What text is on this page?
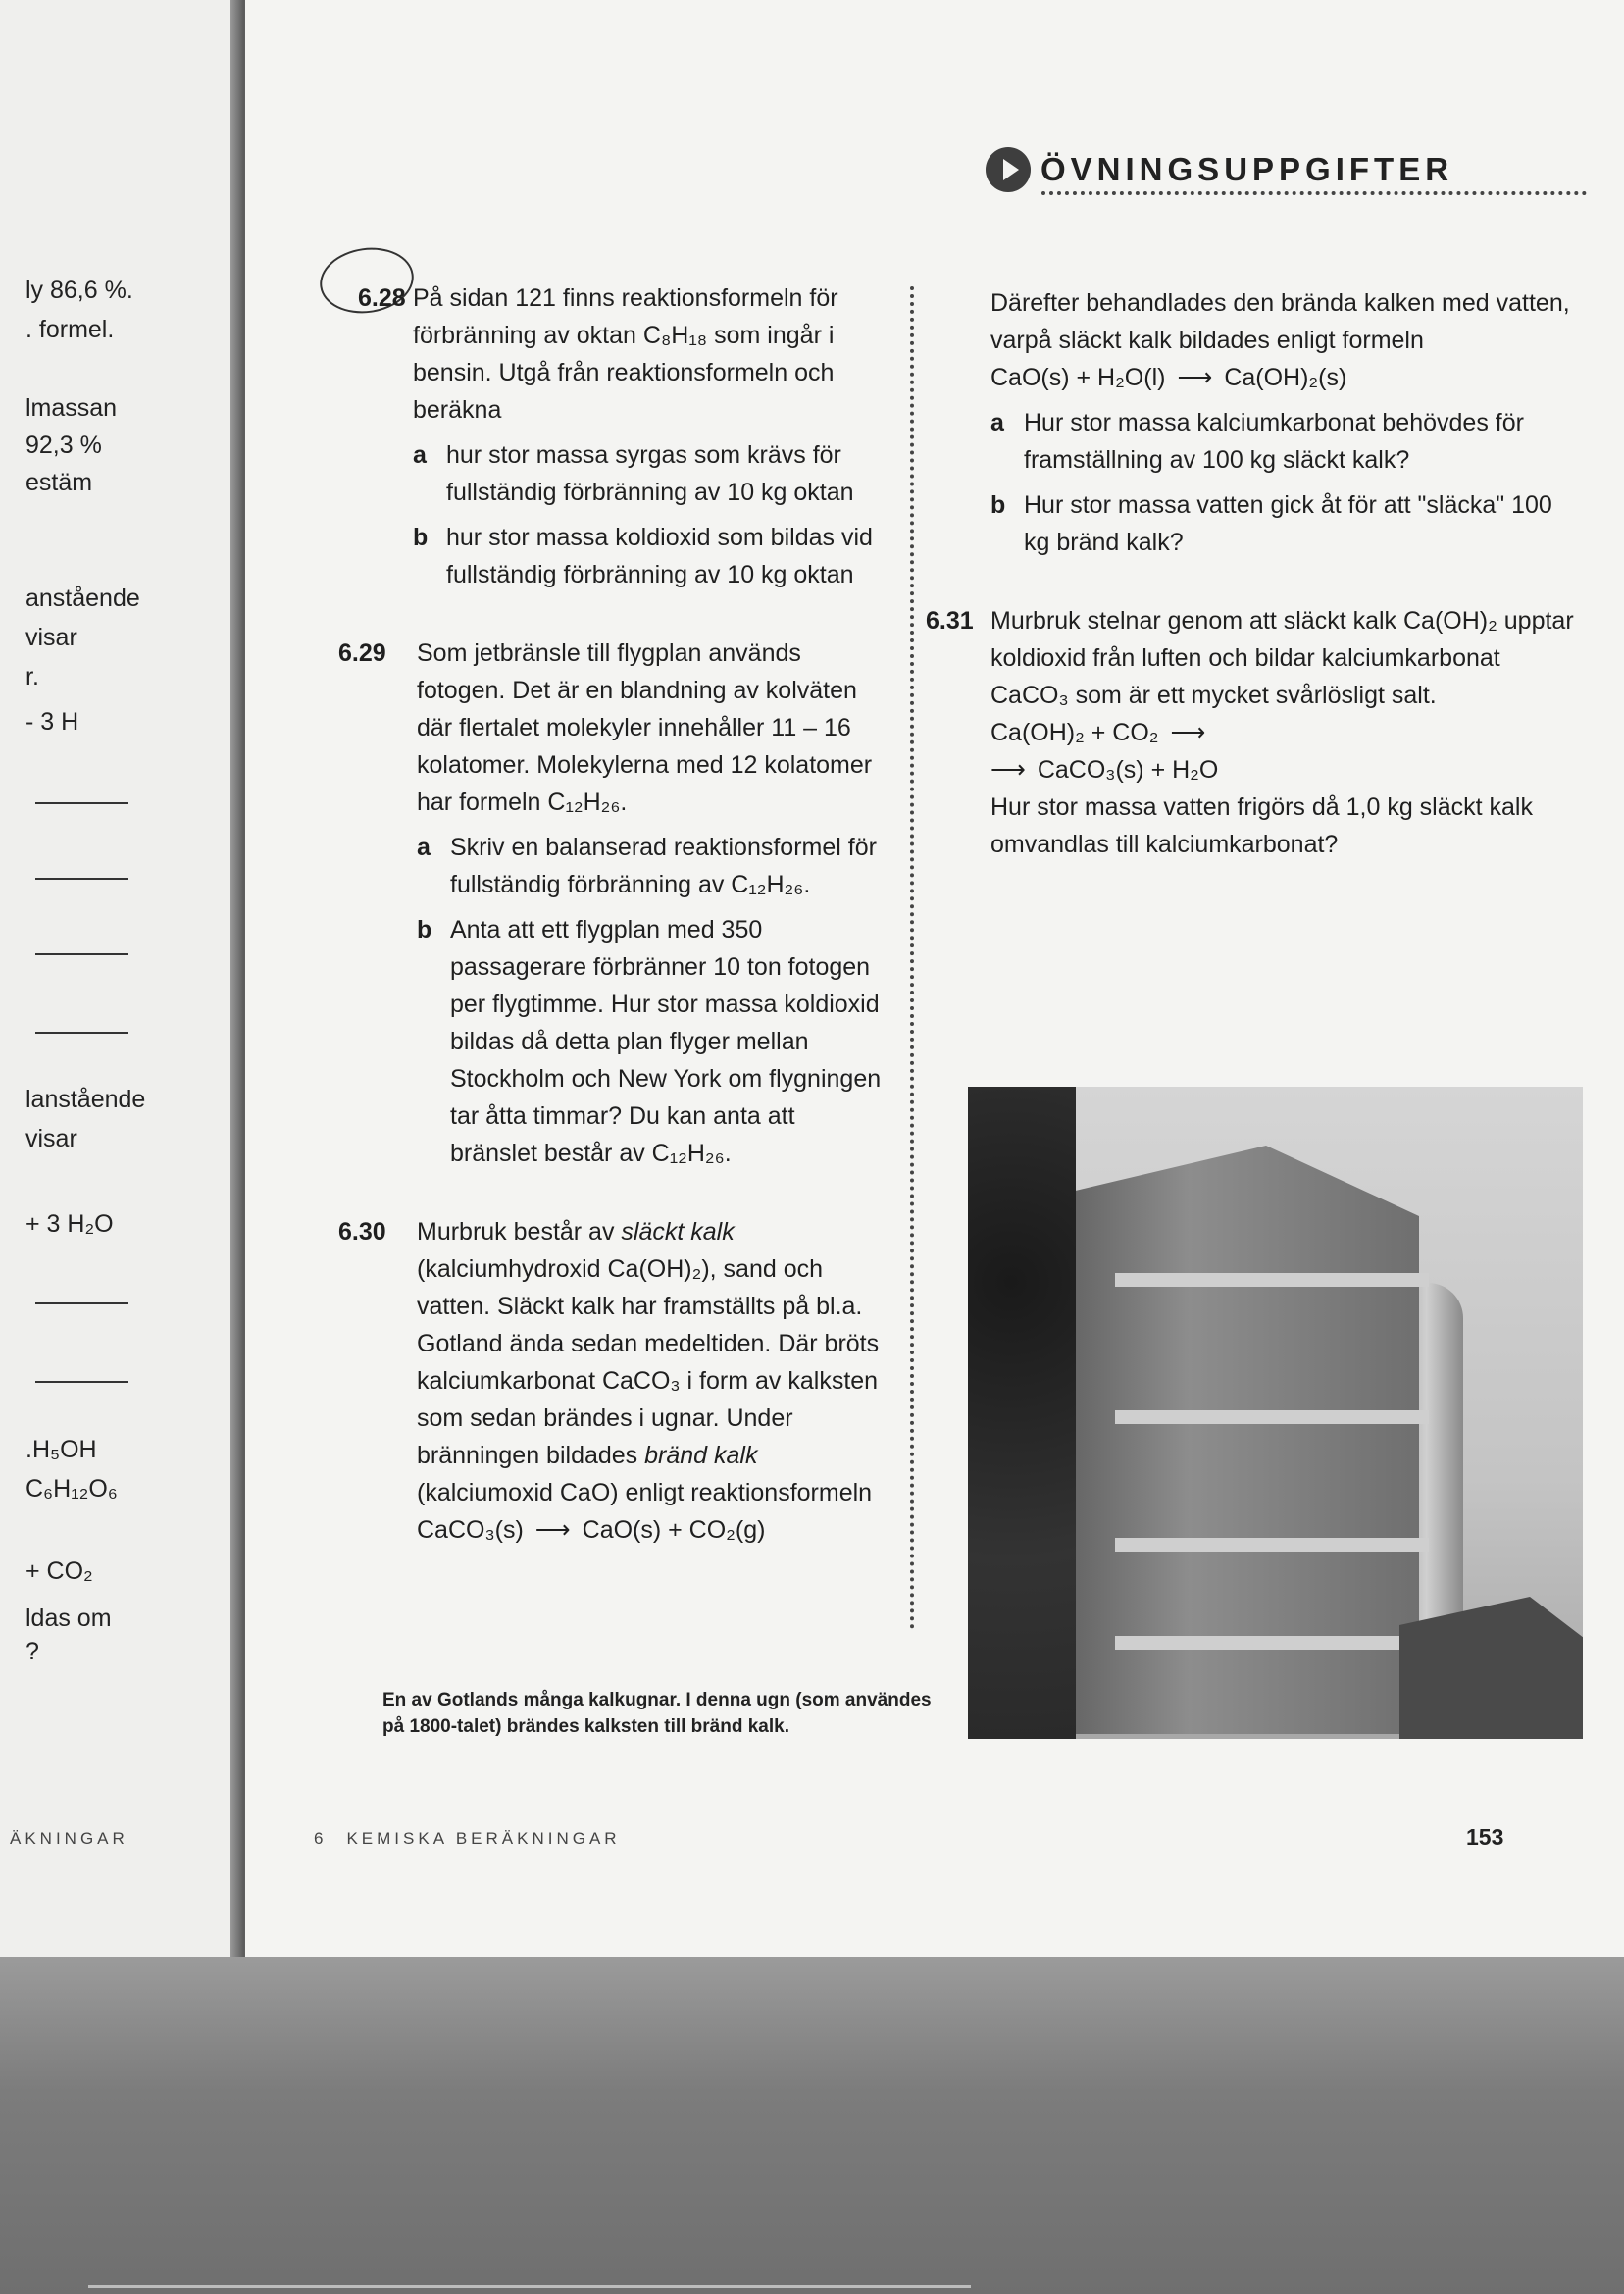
ly 86,6 %.
. formel.
lmassan
92,3 %
estäm
anstående
visar
r.
- 3 H
lanstående
visar
+ 3 H₂O
.H₅OH
C₆H₁₂O₆
+ CO₂
ldas om
?
ÄKNINGAR
ÖVNINGSUPPGIFTER
6.28 På sidan 121 finns reaktionsformeln för förbränning av oktan C₈H₁₈ som ingår i bensin. Utgå från reaktionsformeln och beräkna

a hur stor massa syrgas som krävs för fullständig förbränning av 10 kg oktan
b hur stor massa koldioxid som bildas vid fullständig förbränning av 10 kg oktan
6.29 Som jetbränsle till flygplan används fotogen. Det är en blandning av kolväten där flertalet molekyler innehåller 11 – 16 kolatomer. Molekylerna med 12 kolatomer har formeln C₁₂H₂₆.

a Skriv en balanserad reaktionsformel för fullständig förbränning av C₁₂H₂₆.
b Anta att ett flygplan med 350 passagerare förbränner 10 ton fotogen per flygtimme. Hur stor massa koldioxid bildas då detta plan flyger mellan Stockholm och New York om flygningen tar åtta timmar? Du kan anta att bränslet består av C₁₂H₂₆.
6.30 Murbruk består av släckt kalk (kalciumhydroxid Ca(OH)₂), sand och vatten. Släckt kalk har framställts på bl.a. Gotland ända sedan medeltiden. Där bröts kalciumkarbonat CaCO₃ i form av kalksten som sedan brändes i ugnar. Under bränningen bildades bränd kalk (kalciumoxid CaO) enligt reaktionsformeln

CaCO₃(s) ⟶ CaO(s) + CO₂(g)

Därefter behandlades den brända kalken med vatten, varpå släckt kalk bildades enligt formeln

CaO(s) + H₂O(l) ⟶ Ca(OH)₂(s)

a Hur stor massa kalciumkarbonat behövdes för framställning av 100 kg släckt kalk?
b Hur stor massa vatten gick åt för att "släcka" 100 kg bränd kalk?
6.31 Murbruk stelnar genom att släckt kalk Ca(OH)₂ upptar koldioxid från luften och bildar kalciumkarbonat CaCO₃ som är ett mycket svårlösligt salt.

Ca(OH)₂ + CO₂ ⟶

⟶ CaCO₃(s) + H₂O

Hur stor massa vatten frigörs då 1,0 kg släckt kalk omvandlas till kalciumkarbonat?

En av Gotlands många kalkugnar. I denna ugn (som användes på 1800-talet) brändes kalksten till bränd kalk.
6 KEMISKA BERÄKNINGAR	153
